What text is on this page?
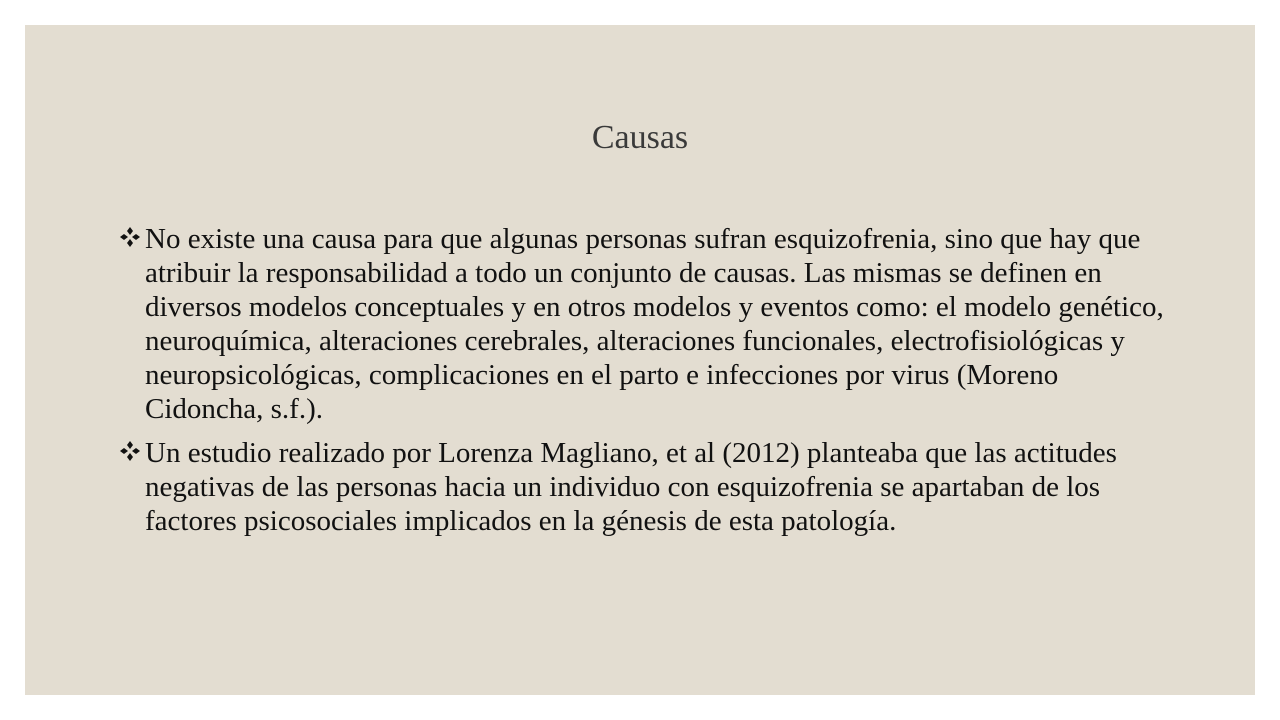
Causas
No existe una causa para que algunas personas sufran esquizofrenia, sino que hay que atribuir la responsabilidad a todo un conjunto de causas. Las mismas se definen en diversos modelos conceptuales y en otros modelos y eventos como: el modelo genético, neuroquímica, alteraciones cerebrales, alteraciones funcionales, electrofisiológicas y neuropsicológicas, complicaciones en el parto e infecciones por virus (Moreno Cidoncha, s.f.).
Un estudio realizado por Lorenza Magliano, et al (2012) planteaba que las actitudes negativas de las personas hacia un individuo con esquizofrenia se apartaban de los factores psicosociales implicados en la génesis de esta patología.
